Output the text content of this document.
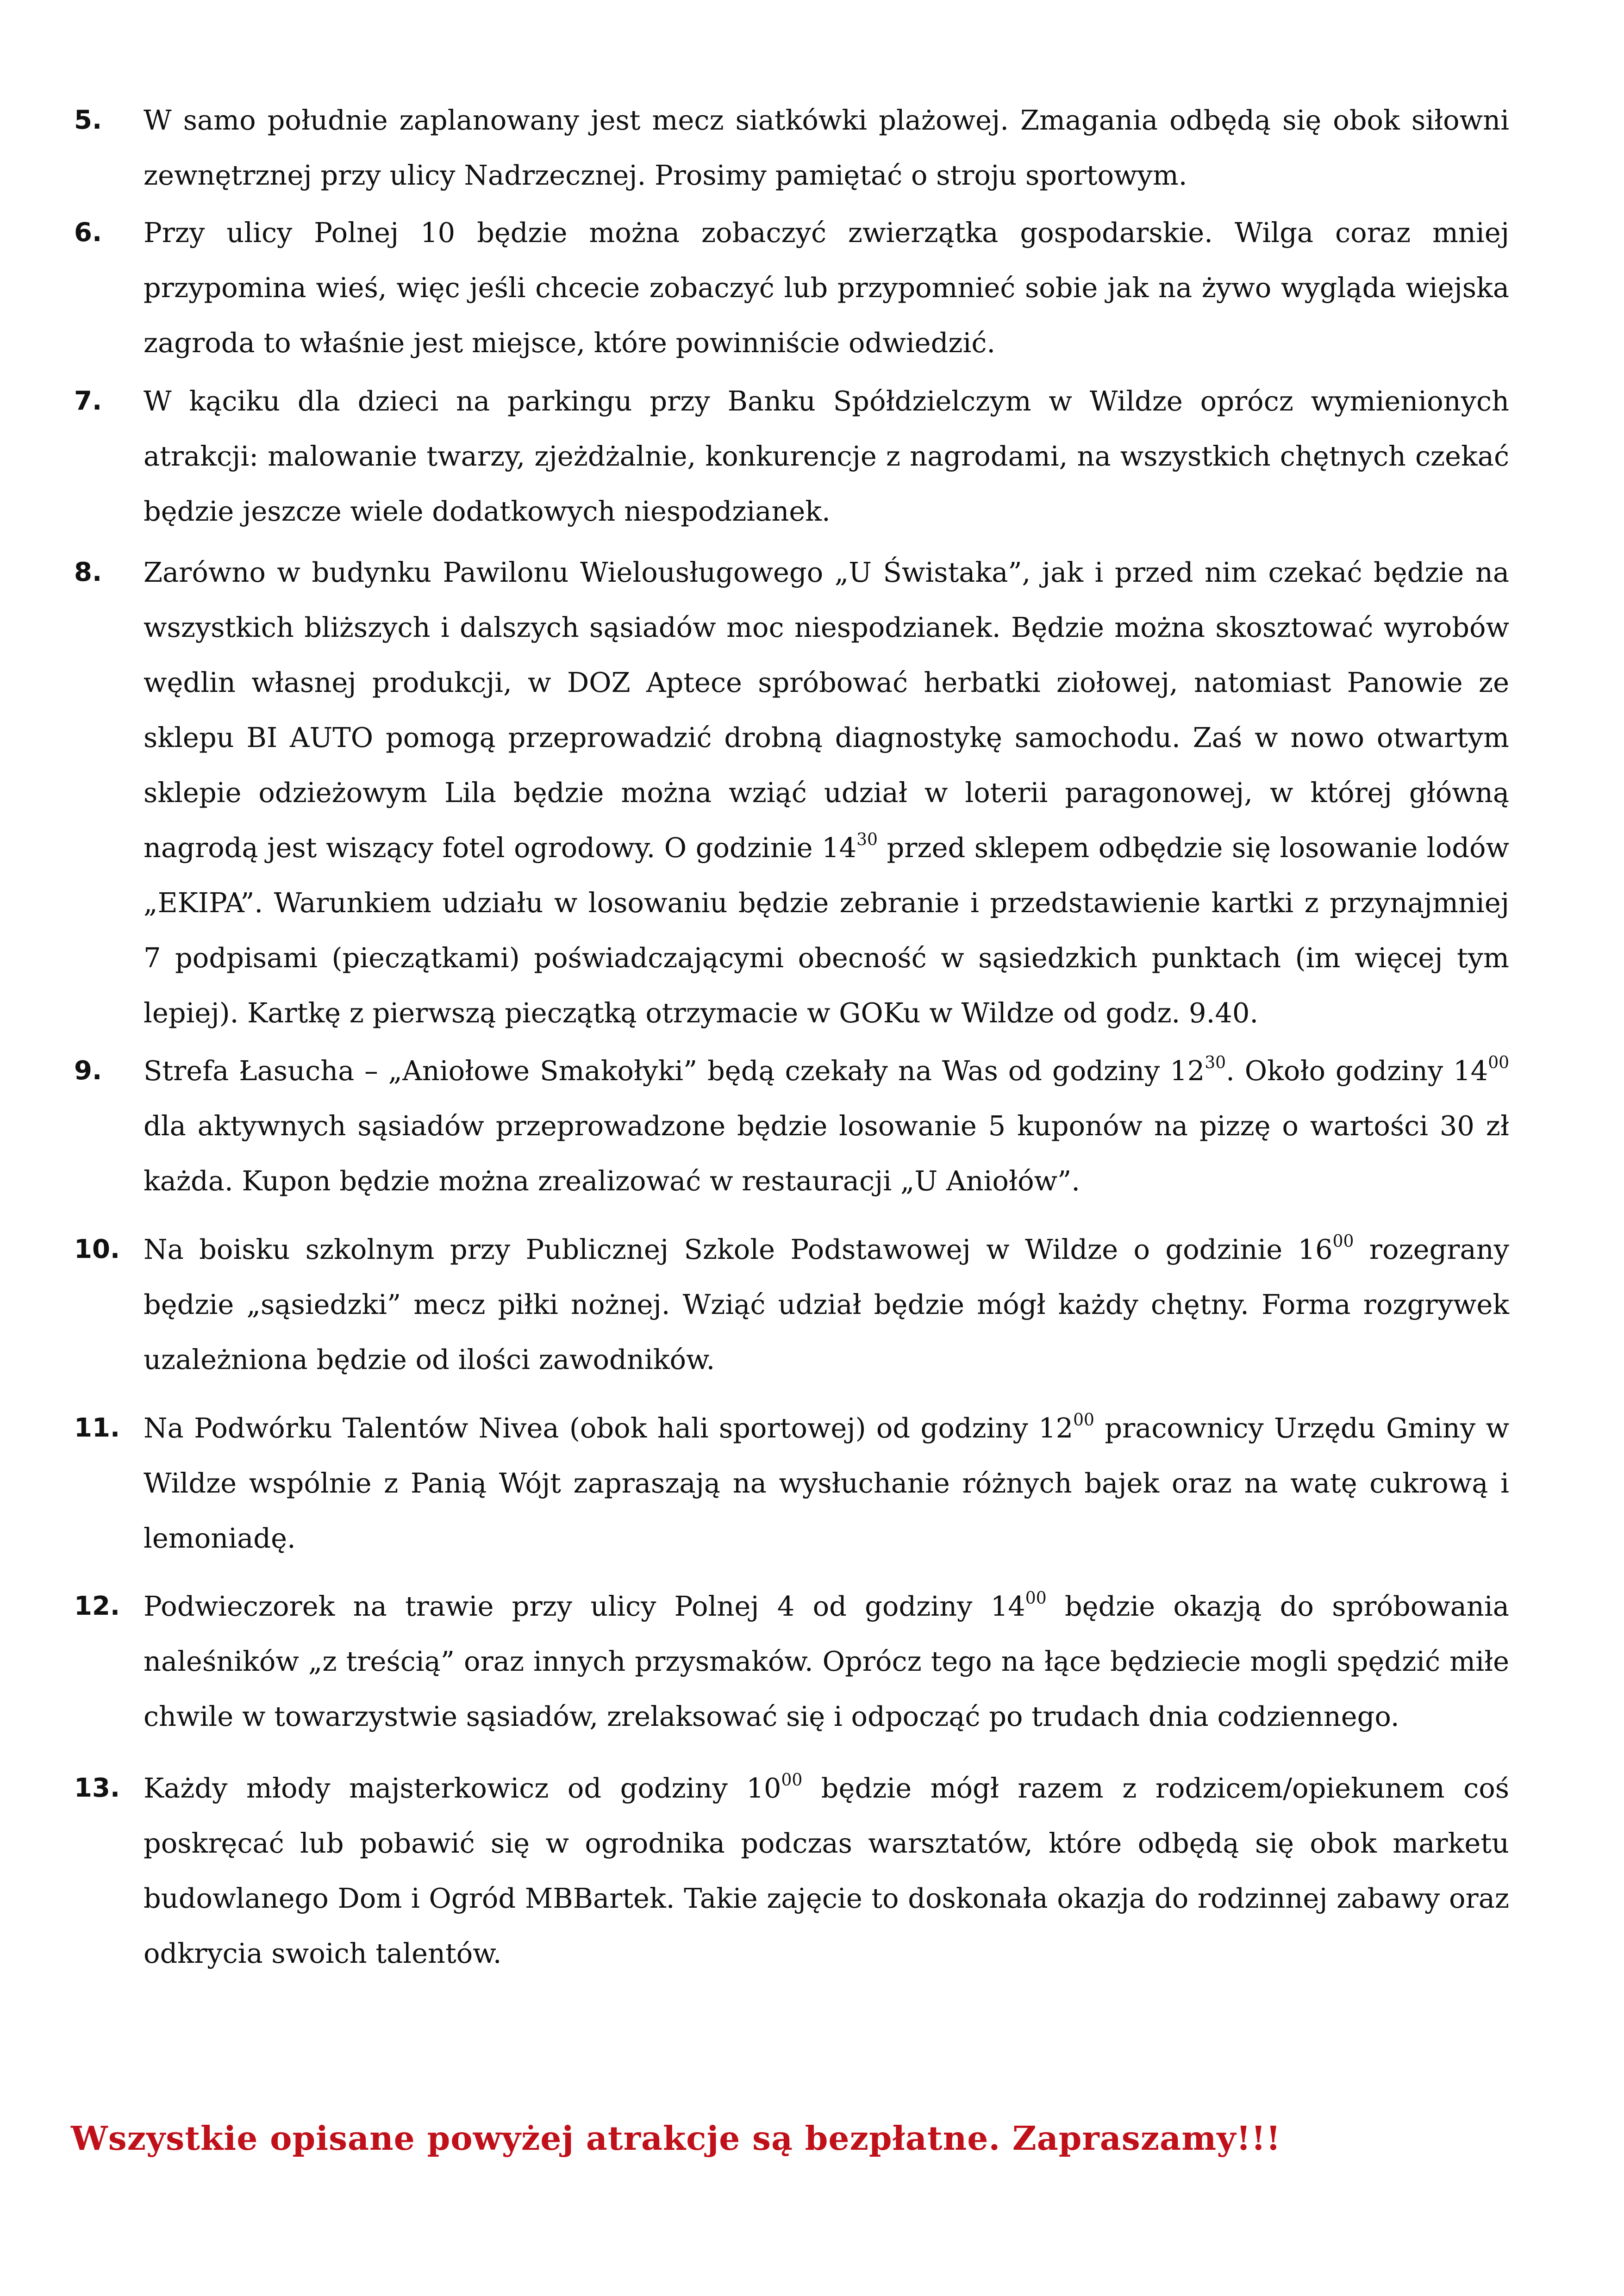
5.	W samo południe zaplanowany jest mecz siatkówki plażowej. Zmagania odbędą się obok siłowni zewnętrznej przy ulicy Nadrzecznej. Prosimy pamiętać o stroju sportowym.
6.	Przy ulicy Polnej 10 będzie można zobaczyć zwierzątka gospodarskie. Wilga coraz mniej przypomina wieś, więc jeśli chcecie zobaczyć lub przypomnieć sobie jak na żywo wygląda wiejska zagroda to właśnie jest miejsce, które powinniście odwiedzić.
7.	W kąciku dla dzieci na parkingu przy Banku Spółdzielczym w Wildze oprócz wymienionych atrakcji: malowanie twarzy, zjeżdżalnie, konkurencje z nagrodami, na wszystkich chętnych czekać będzie jeszcze wiele dodatkowych niespodzianek.
8.	Zarówno w budynku Pawilonu Wielousługowego „U Świstaka”, jak i przed nim czekać będzie na wszystkich bliższych i dalszych sąsiadów moc niespodzianek. Będzie można skosztować wyrobów wędlin własnej produkcji, w DOZ Aptece spróbować herbatki ziołowej, natomiast Panowie ze sklepu BI AUTO pomogą przeprowadzić drobną diagnostykę samochodu. Zaś w nowo otwartym sklepie odzieżowym Lila będzie można wziąć udział w loterii paragonowej, w której główną nagrodą jest wiszący fotel ogrodowy. O godzinie $14^{30}$ przed sklepem odbędzie się losowanie lodów „EKIPA”. Warunkiem udziału w losowaniu będzie zebranie i przedstawienie kartki z przynajmniej 7 podpisami (pieczątkami) poświadczającymi obecność w sąsiedzkich punktach (im więcej tym lepiej). Kartkę z pierwszą pieczątką otrzymacie w GOKu w Wildze od godz. 9.40.
9.	Strefa Łasucha – „Aniołowe Smakołyki” będą czekały na Was od godziny $12^{30}$. Około godziny $14^{00}$ dla aktywnych sąsiadów przeprowadzone będzie losowanie 5 kuponów na pizzę o wartości 30 zł każda. Kupon będzie można zrealizować w restauracji „U Aniołów”.
10. Na boisku szkolnym przy Publicznej Szkole Podstawowej w Wildze o godzinie $16^{00}$ rozegrany będzie „sąsiedzki” mecz piłki nożnej. Wziąć udział będzie mógł każdy chętny. Forma rozgrywek uzależniona będzie od ilości zawodników.
11. Na Podwórku Talentów Nivea (obok hali sportowej) od godziny $12^{00}$ pracownicy Urzędu Gminy w Wildze wspólnie z Panią Wójt zapraszają na wysłuchanie różnych bajek oraz na watę cukrową i lemoniadę.
12. Podwieczorek na trawie przy ulicy Polnej 4 od godziny $14^{00}$ będzie okazją do spróbowania naleśników „z treścią” oraz innych przysmaków. Oprócz tego na łące będziecie mogli spędzić miłe chwile w towarzystwie sąsiadów, zrelaksować się i odpocząć po trudach dnia codziennego.
13. Każdy młody majsterkowicz od godziny $10^{00}$ będzie mógł razem z rodzicem/opiekunem coś poskręcać lub pobawić się w ogrodnika podczas warsztatów, które odbędą się obok marketu budowlanego Dom i Ogród MBBartek. Takie zajęcie to doskonała okazja do rodzinnej zabawy oraz odkrycia swoich talentów.
Wszystkie opisane powyżej atrakcje są bezpłatne. Zapraszamy!!!
